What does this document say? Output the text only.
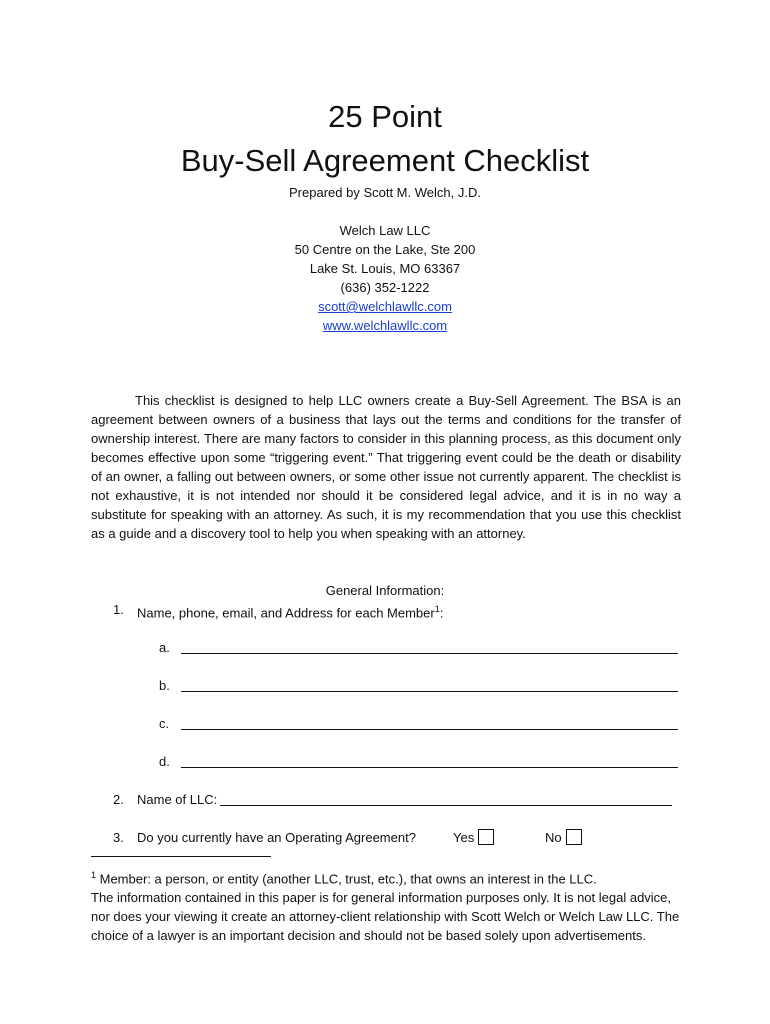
25 Point
Buy-Sell Agreement Checklist
Prepared by Scott M. Welch, J.D.
Welch Law LLC
50 Centre on the Lake, Ste 200
Lake St. Louis, MO 63367
(636) 352-1222
scott@welchlawllc.com
www.welchlawllc.com
This checklist is designed to help LLC owners create a Buy-Sell Agreement. The BSA is an agreement between owners of a business that lays out the terms and conditions for the transfer of ownership interest. There are many factors to consider in this planning process, as this document only becomes effective upon some “triggering event.” That triggering event could be the death or disability of an owner, a falling out between owners, or some other issue not currently apparent. The checklist is not exhaustive, it is not intended nor should it be considered legal advice, and it is in no way a substitute for speaking with an attorney. As such, it is my recommendation that you use this checklist as a guide and a discovery tool to help you when speaking with an attorney.
General Information:
1. Name, phone, email, and Address for each Member$^1$:
a.
b.
c.
d.
2. Name of LLC:
3. Do you currently have an Operating Agreement?	Yes	No
$^1$ Member: a person, or entity (another LLC, trust, etc.), that owns an interest in the LLC.
The information contained in this paper is for general information purposes only. It is not legal advice, nor does your viewing it create an attorney-client relationship with Scott Welch or Welch Law LLC. The choice of a lawyer is an important decision and should not be based solely upon advertisements.
